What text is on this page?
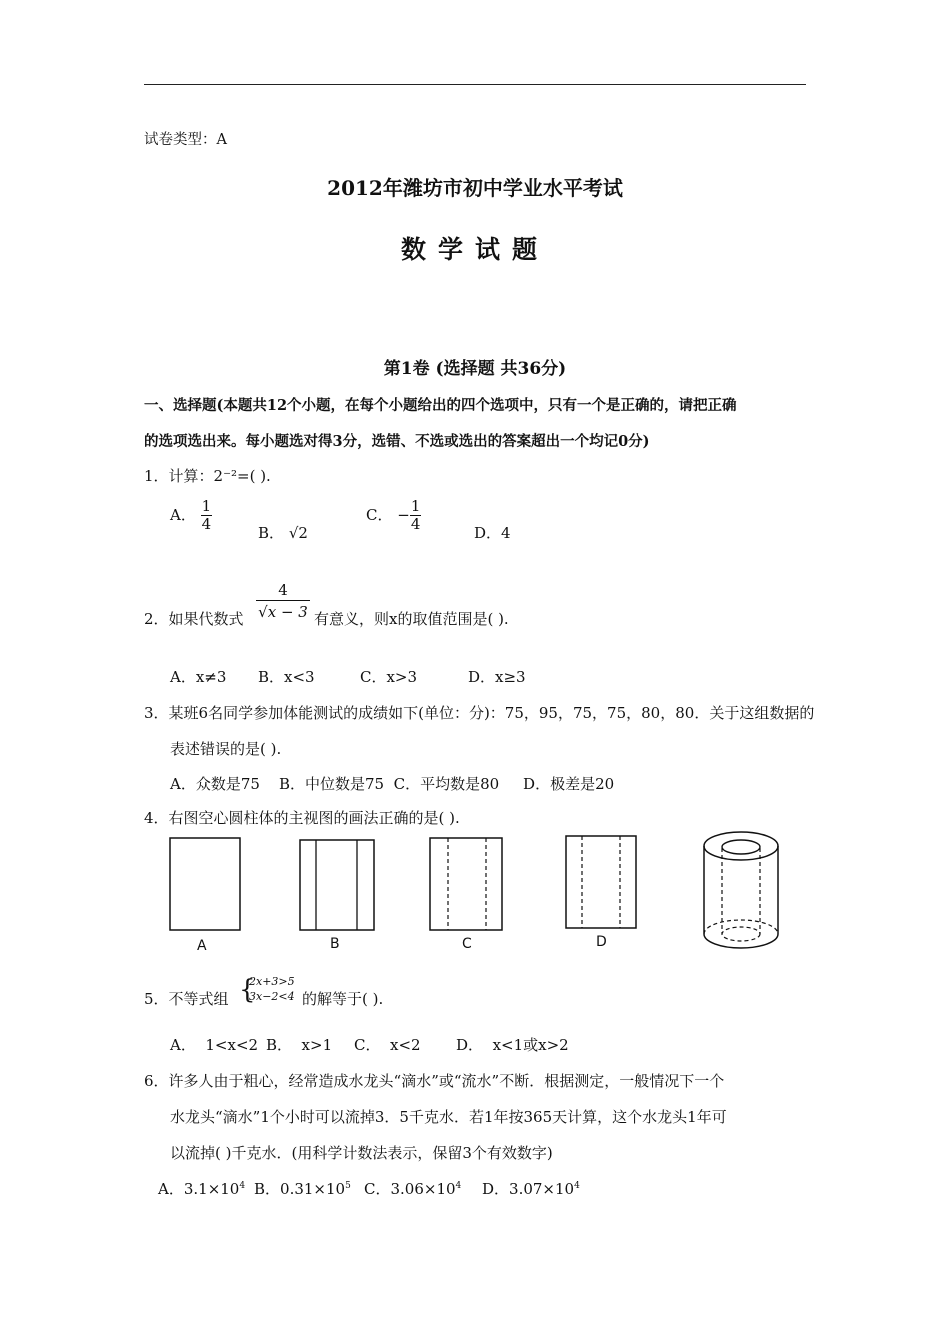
试卷类型：A
2012年潍坊市初中学业水平考试
数学试题
第1卷 (选择题 共36分)
一、选择题(本题共12个小题，在每个小题给出的四个选项中，只有一个是正确的，请把正确
的选项选出来。每小题选对得3分，选错、不选或选出的答案超出一个均记0分)
1．计算：2⁻²=( ).
A． $\frac{1}{4}$	B． √2
C． − $\frac{1}{4}$	D．4
2．如果代数式 $\frac{4}{√x - 3}$ 有意义，则x的取值范围是( ).
A．x≠3 B．x<3	C．x>3	D．x≥3
3．某班6名同学参加体能测试的成绩如下(单位：分)：75，95，75，75，80，80．关于这组数据的
表述错误的是( ).
A．众数是75    B．中位数是75  C．平均数是80     D．极差是20
4．右图空心圆柱体的主视图的画法正确的是( ).
A	B	C	D
5．不等式组 {
2x+3>5
3x−2<4 的解等于( ).
A．  1<x<2 B．  x>1 C．  x<2 D．  x<1或x>2
6．许多人由于粗心，经常造成水龙头“滴水”或“流水”不断．根据测定，一般情况下一个
水龙头“滴水”1个小时可以流掉3．5千克水．若1年按365天计算，这个水龙头1年可
以流掉( )千克水．(用科学计数法表示，保留3个有效数字)
A．$3.1\times 10^4$ B．$0.31\times 10^5$ C．$3.06\times 10^4$ D．$3.07\times 10^4$
